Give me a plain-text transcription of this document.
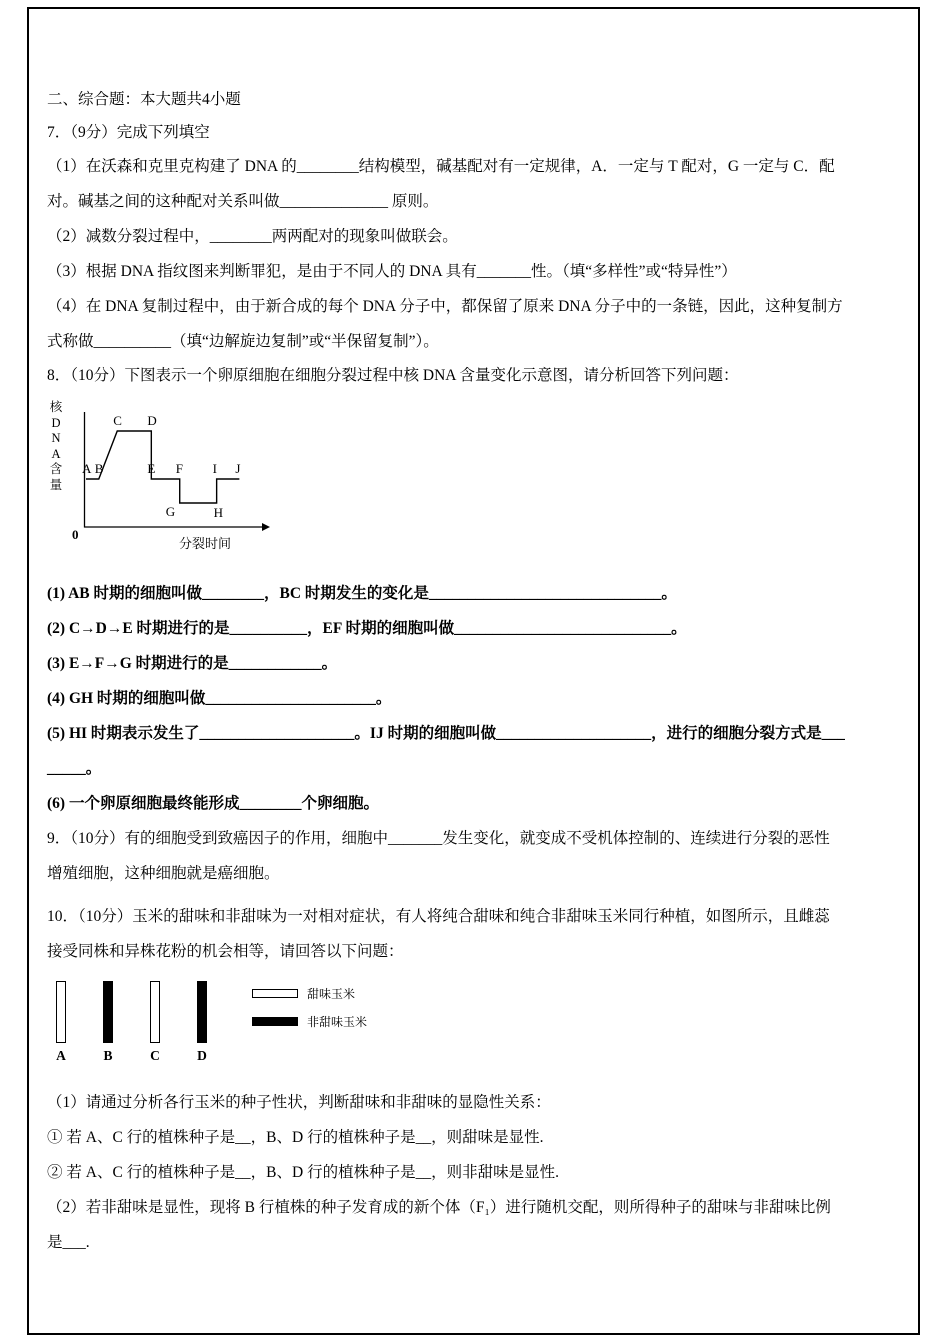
二、综合题：本大题共4小题

7．（9分）完成下列填空

（1）在沃森和克里克构建了 DNA 的________结构模型，碱基配对有一定规律，A．一定与 T 配对，G 一定与 C．配

对。碱基之间的这种配对关系叫做______________ 原则。

（2）减数分裂过程中，________两两配对的现象叫做联会。

（3）根据 DNA 指纹图来判断罪犯，是由于不同人的 DNA 具有_______性。（填“多样性”或“特异性”）

（4）在 DNA 复制过程中，由于新合成的每个 DNA 分子中，都保留了原来 DNA 分子中的一条链，因此，这种复制方

式称做__________（填“边解旋边复制”或“半保留复制”）。

8．（10分）下图表示一个卵原细胞在细胞分裂过程中核 DNA 含量变化示意图，请分析回答下列问题：

核
D
N
A
含
量
A B
C D
E F
G	H
I J
0
分裂时间

(1) AB 时期的细胞叫做________，BC 时期发生的变化是______________________________。

(2) C→D→E 时期进行的是__________，EF 时期的细胞叫做____________________________。

(3) E→F→G 时期进行的是____________。

(4) GH 时期的细胞叫做______________________。

(5) HI 时期表示发生了____________________。IJ 时期的细胞叫做____________________，进行的细胞分裂方式是___

_____。

(6) 一个卵原细胞最终能形成________个卵细胞。

9．（10分）有的细胞受到致癌因子的作用，细胞中_______发生变化，就变成不受机体控制的、连续进行分裂的恶性

增殖细胞，这种细胞就是癌细胞。

10．（10分）玉米的甜味和非甜味为一对相对症状，有人将纯合甜味和纯合非甜味玉米同行种植，如图所示，且雌蕊

接受同株和异株花粉的机会相等，请回答以下问题：

A	B	C	D
甜味玉米
非甜味玉米

（1）请通过分析各行玉米的种子性状，判断甜味和非甜味的显隐性关系：

① 若 A、C 行的植株种子是__，B、D 行的植株种子是__，则甜味是显性.

② 若 A、C 行的植株种子是__，B、D 行的植株种子是__，则非甜味是显性.

（2）若非甜味是显性，现将 B 行植株的种子发育成的新个体（F₁）进行随机交配，则所得种子的甜味与非甜味比例

是___.
